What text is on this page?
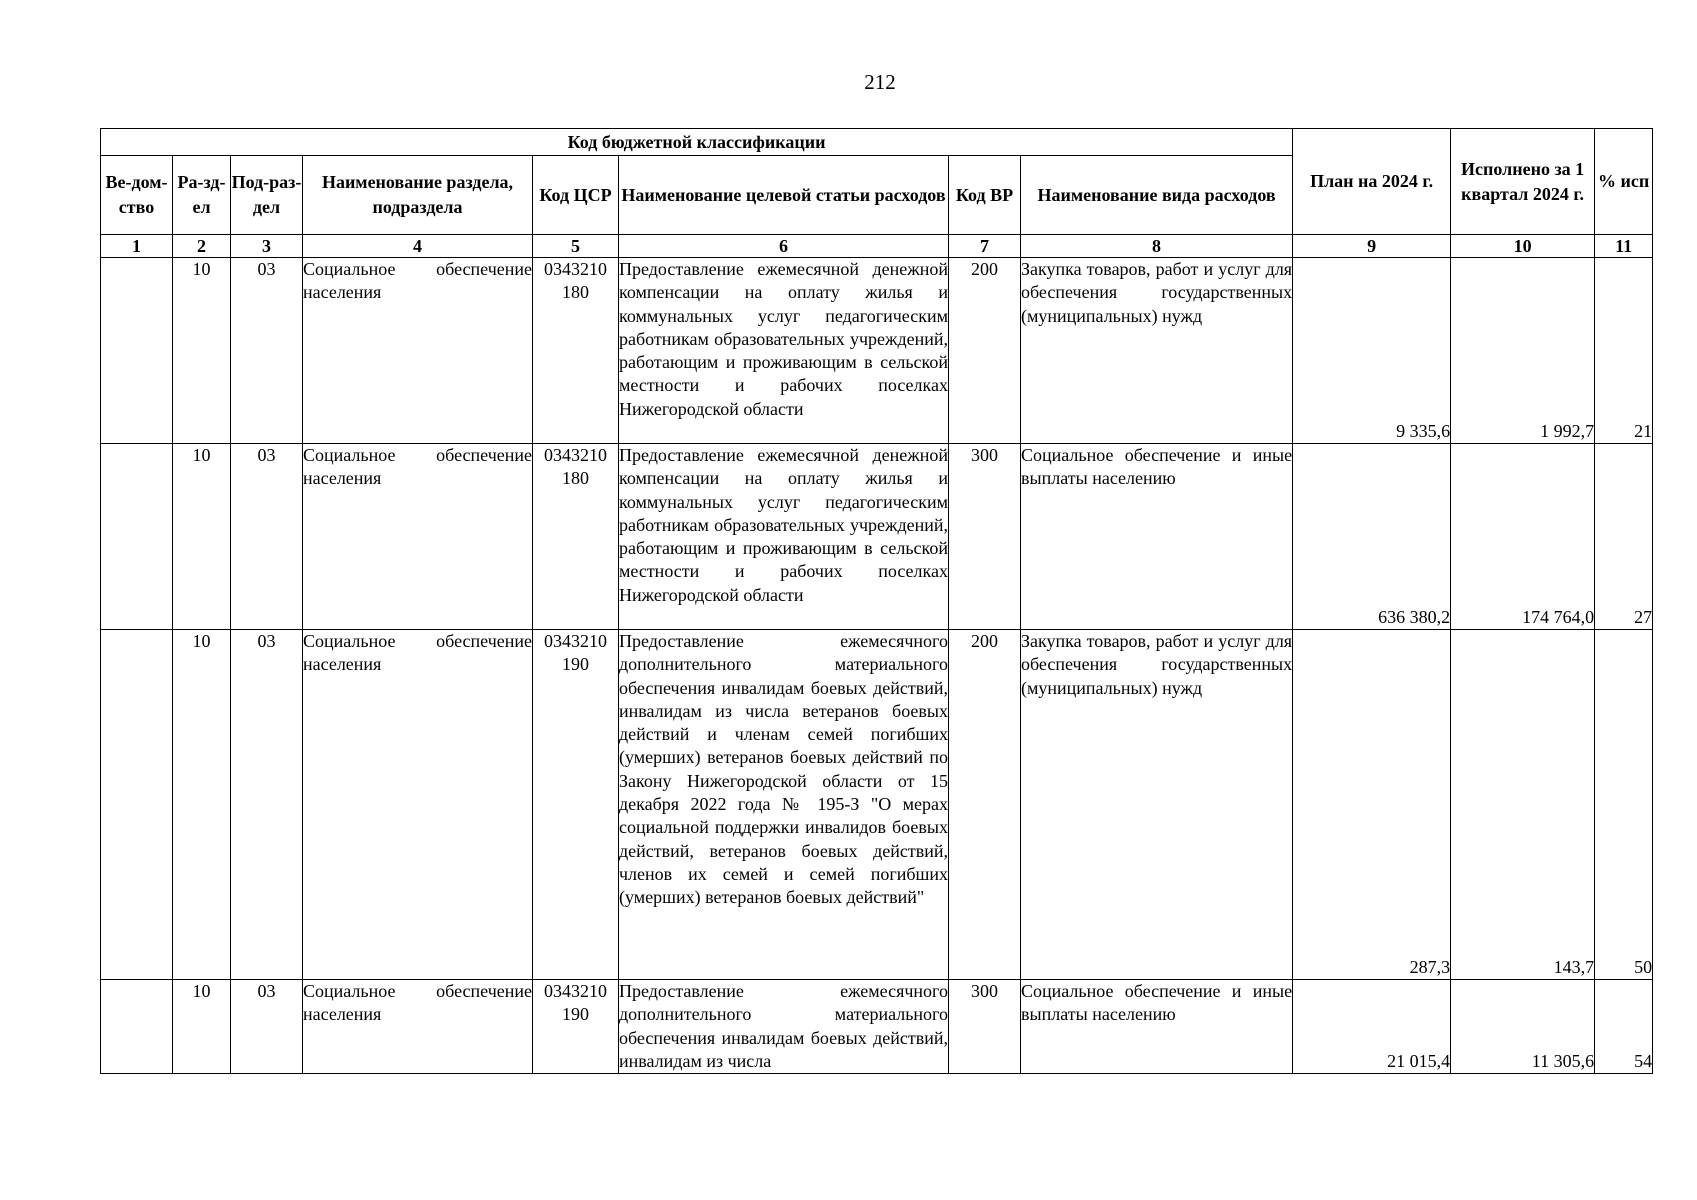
212
Код бюджетной классификации								План на 2024 г.	Исполнено за 1 квартал 2024 г.	% исп
Ве-дом-ство	Ра-зд-ел	Под-раз-дел	Наименование раздела, подраздела	Код ЦСР	Наименование целевой статьи расходов	Код ВР	Наименование вида расходов			
1	2	3	4	5	6	7	8	9	10	11
	10	03	Социальное обеспечение населения	0343210180	Предоставление ежемесячной денежной компенсации на оплату жилья и коммунальных услуг педагогическим работникам образовательных учреждений, работающим и проживающим в сельской местности и рабочих поселках Нижегородской области	200	Закупка товаров, работ и услуг для обеспечения государственных (муниципальных) нужд	9 335,6	1 992,7	21
	10	03	Социальное обеспечение населения	0343210180	Предоставление ежемесячной денежной компенсации на оплату жилья и коммунальных услуг педагогическим работникам образовательных учреждений, работающим и проживающим в сельской местности и рабочих поселках Нижегородской области	300	Социальное обеспечение и иные выплаты населению	636 380,2	174 764,0	27
	10	03	Социальное обеспечение населения	0343210190	Предоставление ежемесячного дополнительного материального обеспечения инвалидам боевых действий, инвалидам из числа ветеранов боевых действий и членам семей погибших (умерших) ветеранов боевых действий по Закону Нижегородской области от 15 декабря 2022 года № 195-З "О мерах социальной поддержки инвалидов боевых действий, ветеранов боевых действий, членов их семей и семей погибших (умерших) ветеранов боевых действий"	200	Закупка товаров, работ и услуг для обеспечения государственных (муниципальных) нужд	287,3	143,7	50
	10	03	Социальное обеспечение населения	0343210190	Предоставление ежемесячного дополнительного материального обеспечения инвалидам боевых действий, инвалидам из числа	300	Социальное обеспечение и иные выплаты населению	21 015,4	11 305,6	54
